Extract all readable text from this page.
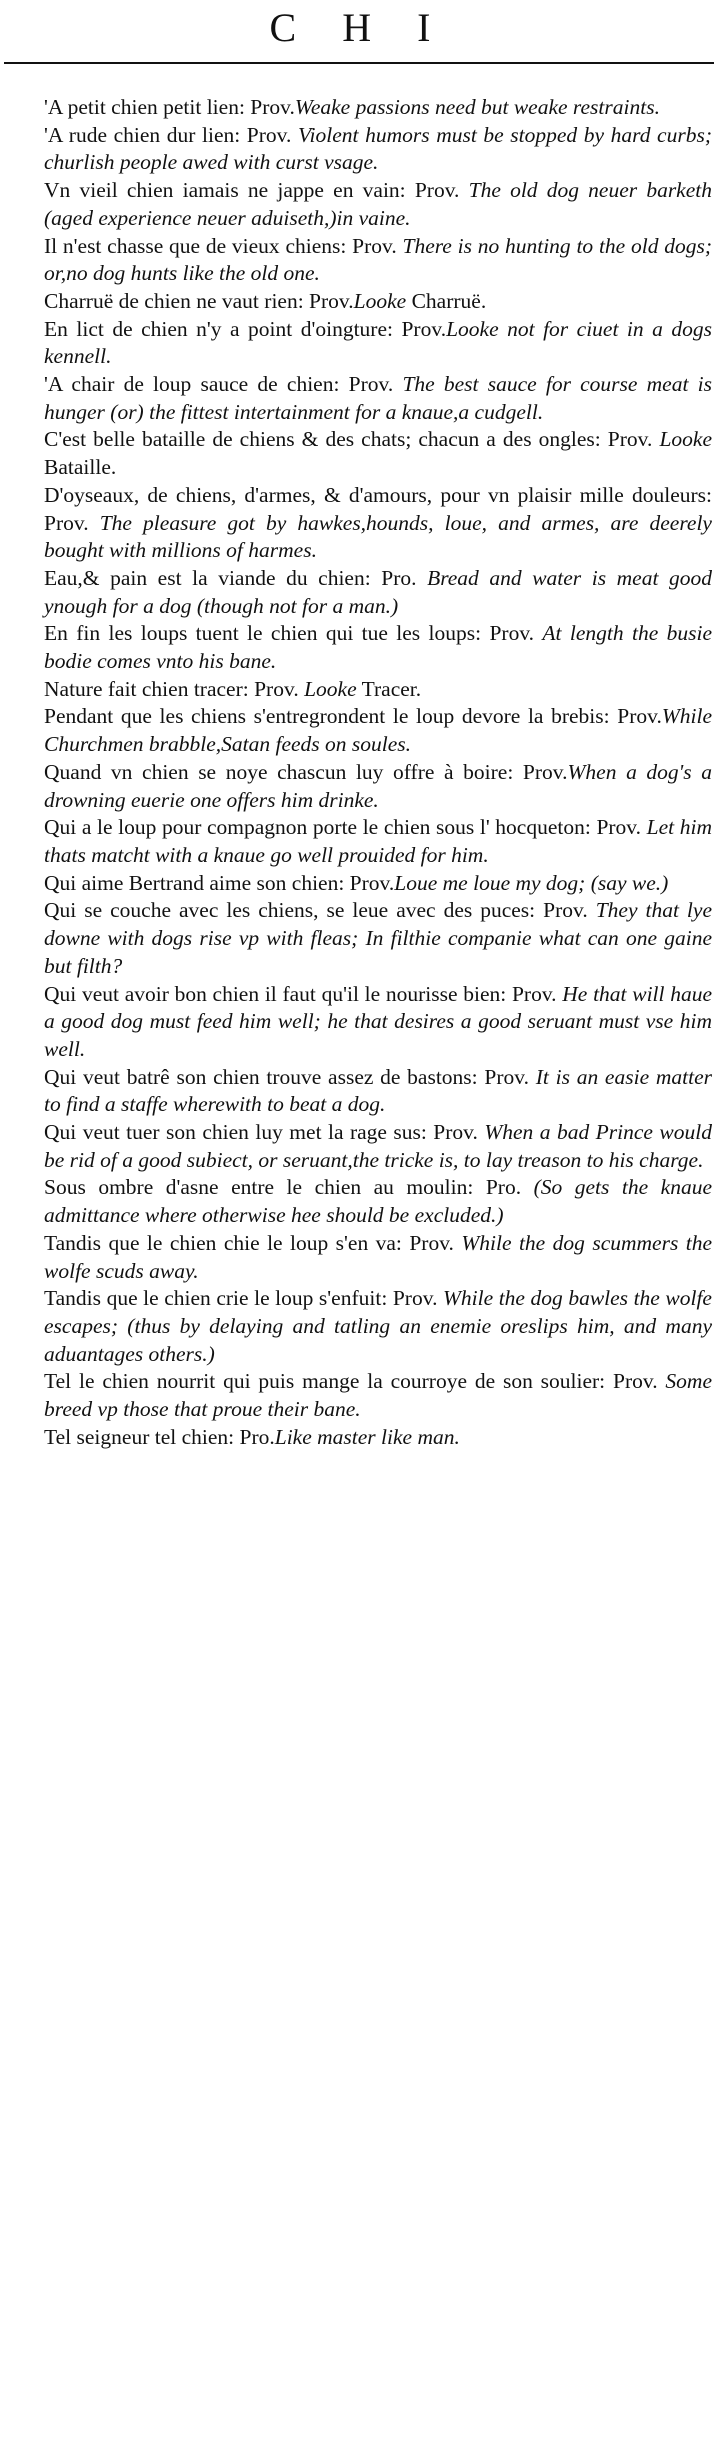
C H I

'A petit chien petit lien: Prov.Weake passions need but weake restraints.

'A rude chien dur lien: Prov. Violent humors must be stopped by hard curbs; churlish people awed with curst vsage.

Vn vieil chien iamais ne jappe en vain: Prov. The old dog neuer barketh (aged experience neuer aduiseth,)in vaine.

Il n'est chasse que de vieux chiens: Prov. There is no hunting to the old dogs; or,no dog hunts like the old one.

Charruë de chien ne vaut rien: Prov.Looke Charruë.

En lict de chien n'y a point d'oingture: Prov.Looke not for ciuet in a dogs kennell.

'A chair de loup sauce de chien: Prov. The best sauce for course meat is hunger (or) the fittest intertainment for a knaue,a cudgell.

C'est belle bataille de chiens & des chats; chacun a des ongles: Prov. Looke Bataille.

D'oyseaux, de chiens, d'armes, & d'amours, pour vn plaisir mille douleurs: Prov. The pleasure got by hawkes,hounds, loue, and armes, are deerely bought with millions of harmes.

Eau,& pain est la viande du chien: Pro. Bread and water is meat good ynough for a dog (though not for a man.)

En fin les loups tuent le chien qui tue les loups: Prov. At length the busie bodie comes vnto his bane.

Nature fait chien tracer: Prov. Looke Tracer.

Pendant que les chiens s'entregrondent le loup devore la brebis: Prov.While Churchmen brabble,Satan feeds on soules.

Quand vn chien se noye chascun luy offre à boire: Prov.When a dog's a drowning euerie one offers him drinke.

Qui a le loup pour compagnon porte le chien sous l' hocqueton: Prov. Let him thats matcht with a knaue go well prouided for him.

Qui aime Bertrand aime son chien: Prov.Loue me loue my dog; (say we.)

Qui se couche avec les chiens, se leue avec des puces: Prov. They that lye downe with dogs rise vp with fleas; In filthie companie what can one gaine but filth?

Qui veut avoir bon chien il faut qu'il le nourisse bien: Prov. He that will haue a good dog must feed him well; he that desires a good seruant must vse him well.

Qui veut batrê son chien trouve assez de bastons: Prov. It is an easie matter to find a staffe wherewith to beat a dog.

Qui veut tuer son chien luy met la rage sus: Prov. When a bad Prince would be rid of a good subiect, or seruant,the tricke is, to lay treason to his charge.

Sous ombre d'asne entre le chien au moulin: Pro. (So gets the knaue admittance where otherwise hee should be excluded.)

Tandis que le chien chie le loup s'en va: Prov. While the dog scummers the wolfe scuds away.

Tandis que le chien crie le loup s'enfuit: Prov. While the dog bawles the wolfe escapes; (thus by delaying and tatling an enemie oreslips him, and many aduantages others.)

Tel le chien nourrit qui puis mange la courroye de son soulier: Prov. Some breed vp those that proue their bane.

Tel seigneur tel chien: Pro.Like master like man.
